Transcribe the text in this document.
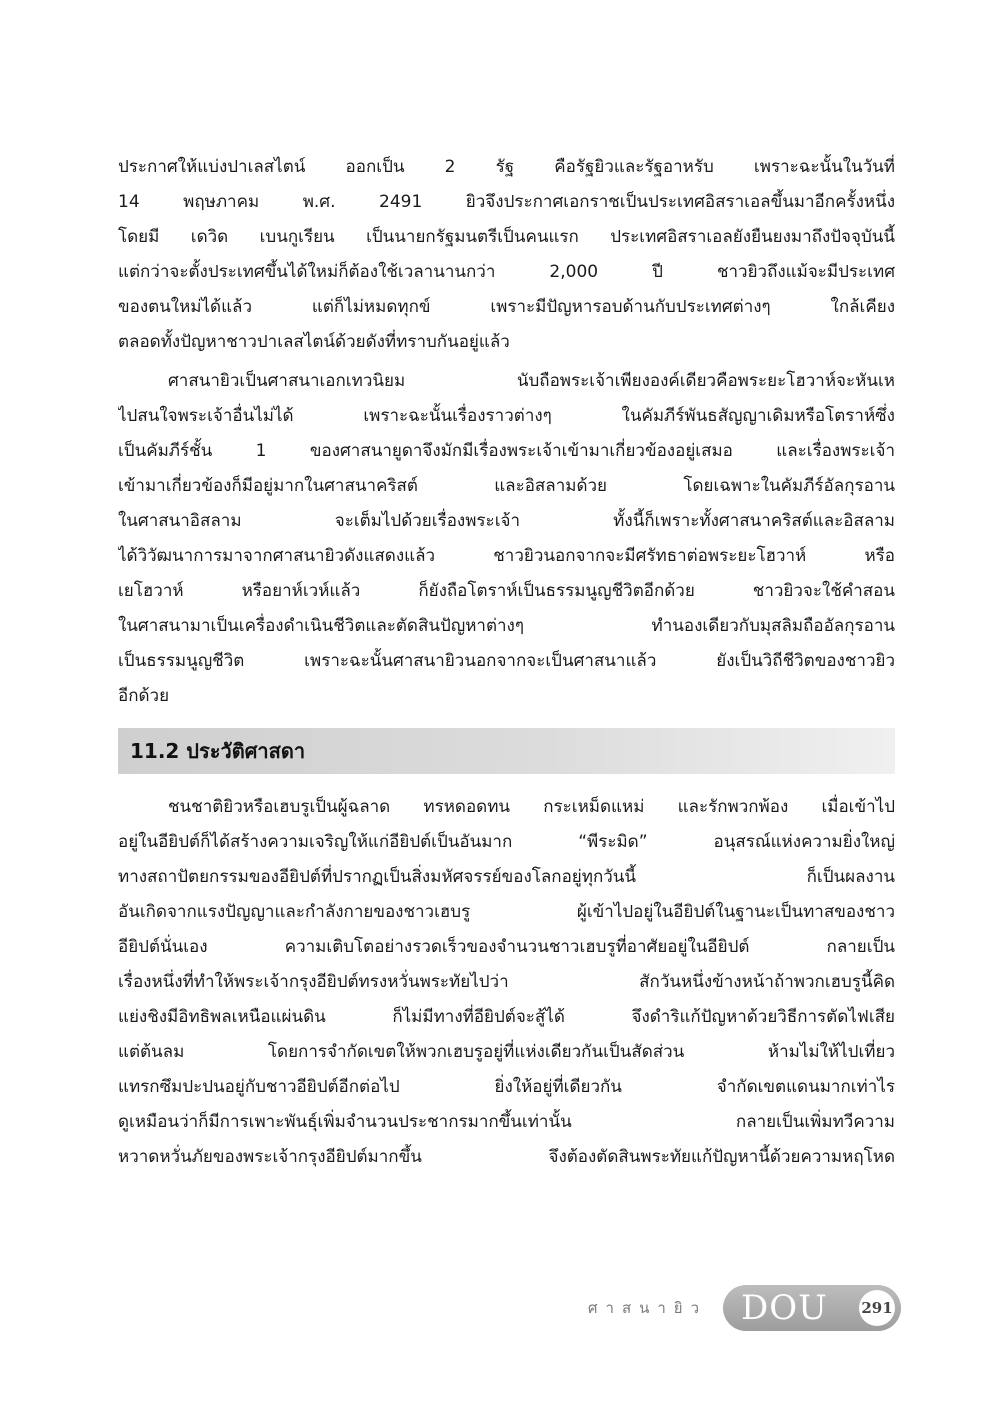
ประกาศให้แบ่งปาเลสไตน์ ออกเป็น 2 รัฐ คือรัฐยิวและรัฐอาหรับ เพราะฉะนั้นในวันที่
14 พฤษภาคม พ.ศ. 2491 ยิวจึงประกาศเอกราชเป็นประเทศอิสราเอลขึ้นมาอีกครั้งหนึ่ง
โดยมี เดวิด เบนกูเรียน เป็นนายกรัฐมนตรีเป็นคนแรก ประเทศอิสราเอลยังยืนยงมาถึงปัจจุบันนี้
แต่กว่าจะตั้งประเทศขึ้นได้ใหม่ก็ต้องใช้เวลานานกว่า 2,000 ปี ชาวยิวถึงแม้จะมีประเทศ
ของตนใหม่ได้แล้ว แต่ก็ไม่หมดทุกข์ เพราะมีปัญหารอบด้านกับประเทศต่างๆ ใกล้เคียง
ตลอดทั้งปัญหาชาวปาเลสไตน์ด้วยดังที่ทราบกันอยู่แล้ว
ศาสนายิวเป็นศาสนาเอกเทวนิยม นับถือพระเจ้าเพียงองค์เดียวคือพระยะโฮวาห์จะหันเห
ไปสนใจพระเจ้าอื่นไม่ได้ เพราะฉะนั้นเรื่องราวต่างๆ ในคัมภีร์พันธสัญญาเดิมหรือโตราห์ซึ่ง
เป็นคัมภีร์ชั้น 1 ของศาสนายูดาจึงมักมีเรื่องพระเจ้าเข้ามาเกี่ยวข้องอยู่เสมอ และเรื่องพระเจ้า
เข้ามาเกี่ยวข้องก็มีอยู่มากในศาสนาคริสต์ และอิสลามด้วย โดยเฉพาะในคัมภีร์อัลกุรอาน
ในศาสนาอิสลาม จะเต็มไปด้วยเรื่องพระเจ้า ทั้งนี้ก็เพราะทั้งศาสนาคริสต์และอิสลาม
ได้วิวัฒนาการมาจากศาสนายิวดังแสดงแล้ว ชาวยิวนอกจากจะมีศรัทธาต่อพระยะโฮวาห์ หรือ
เยโฮวาห์ หรือยาห์เวห์แล้ว ก็ยังถือโตราห์เป็นธรรมนูญชีวิตอีกด้วย ชาวยิวจะใช้คำสอน
ในศาสนามาเป็นเครื่องดำเนินชีวิตและตัดสินปัญหาต่างๆ ทำนองเดียวกับมุสลิมถืออัลกุรอาน
เป็นธรรมนูญชีวิต เพราะฉะนั้นศาสนายิวนอกจากจะเป็นศาสนาแล้ว ยังเป็นวิถีชีวิตของชาวยิว
อีกด้วย
11.2 ประวัติศาสดา
ชนชาติยิวหรือเฮบรูเป็นผู้ฉลาด ทรหดอดทน กระเหม็ดแหม่ และรักพวกพ้อง เมื่อเข้าไป
อยู่ในอียิปต์ก็ได้สร้างความเจริญให้แก่อียิปต์เป็นอันมาก “พีระมิด” อนุสรณ์แห่งความยิ่งใหญ่
ทางสถาปัตยกรรมของอียิปต์ที่ปรากฏเป็นสิ่งมหัศจรรย์ของโลกอยู่ทุกวันนี้ ก็เป็นผลงาน
อันเกิดจากแรงปัญญาและกำลังกายของชาวเฮบรู ผู้เข้าไปอยู่ในอียิปต์ในฐานะเป็นทาสของชาว
อียิปต์นั่นเอง ความเติบโตอย่างรวดเร็วของจำนวนชาวเฮบรูที่อาศัยอยู่ในอียิปต์ กลายเป็น
เรื่องหนึ่งที่ทำให้พระเจ้ากรุงอียิปต์ทรงหวั่นพระทัยไปว่า สักวันหนึ่งข้างหน้าถ้าพวกเฮบรูนี้คิด
แย่งชิงมีอิทธิพลเหนือแผ่นดิน ก็ไม่มีทางที่อียิปต์จะสู้ได้ จึงดำริแก้ปัญหาด้วยวิธีการตัดไฟเสีย
แต่ต้นลม โดยการจำกัดเขตให้พวกเฮบรูอยู่ที่แห่งเดียวกันเป็นสัดส่วน ห้ามไม่ให้ไปเที่ยว
แทรกซึมปะปนอยู่กับชาวอียิปต์อีกต่อไป ยิ่งให้อยู่ที่เดียวกัน จำกัดเขตแดนมากเท่าไร
ดูเหมือนว่าก็มีการเพาะพันธุ์เพิ่มจำนวนประชากรมากขึ้นเท่านั้น กลายเป็นเพิ่มทวีความ
หวาดหวั่นภัยของพระเจ้ากรุงอียิปต์มากขึ้น จึงต้องตัดสินพระทัยแก้ปัญหานี้ด้วยความหฤโหด
ศาสนายิว DOU 291
